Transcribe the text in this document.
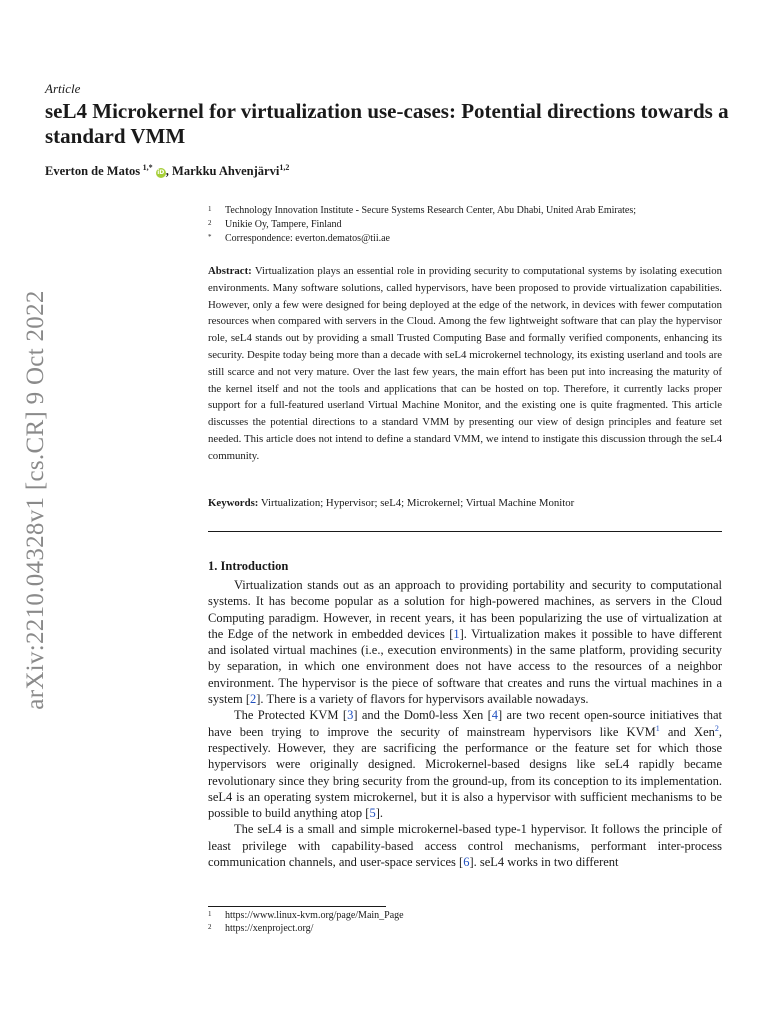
arXiv:2210.04328v1 [cs.CR] 9 Oct 2022
Article
seL4 Microkernel for virtualization use-cases: Potential directions towards a standard VMM
Everton de Matos  $^{1,*}$ iD, Markku Ahvenjärvi$^{1,2}$
1	Technology Innovation Institute - Secure Systems Research Center, Abu Dhabi, United Arab Emirates;
2	Unikie Oy, Tampere, Finland
*	Correspondence: everton.dematos@tii.ae

Abstract: Virtualization plays an essential role in providing security to computational systems by isolating execution environments. Many software solutions, called hypervisors, have been proposed to provide virtualization capabilities. However, only a few were designed for being deployed at the edge of the network, in devices with fewer computation resources when compared with servers in the Cloud. Among the few lightweight software that can play the hypervisor role, seL4 stands out by providing a small Trusted Computing Base and formally verified components, enhancing its security. Despite today being more than a decade with seL4 microkernel technology, its existing userland and tools are still scarce and not very mature. Over the last few years, the main effort has been put into increasing the maturity of the kernel itself and not the tools and applications that can be hosted on top. Therefore, it currently lacks proper support for a full-featured userland Virtual Machine Monitor, and the existing one is quite fragmented. This article discusses the potential directions to a standard VMM by presenting our view of design principles and feature set needed. This article does not intend to define a standard VMM, we intend to instigate this discussion through the seL4 community.

Keywords: Virtualization; Hypervisor; seL4; Microkernel; Virtual Machine Monitor

1. Introduction

Virtualization stands out as an approach to providing portability and security to computational systems. It has become popular as a solution for high-powered machines, as servers in the Cloud Computing paradigm. However, in recent years, it has been popularizing the use of virtualization at the Edge of the network in embedded devices [1]. Virtualization makes it possible to have different and isolated virtual machines (i.e., execution environments) in the same platform, providing security by separation, in which one environment does not have access to the resources of a neighbor environment. The hypervisor is the piece of software that creates and runs the virtual machines in a system [2]. There is a variety of flavors for hypervisors available nowadays.

The Protected KVM [3] and the Dom0-less Xen [4] are two recent open-source initiatives that have been trying to improve the security of mainstream hypervisors like KVM$^1$ and Xen$^2$, respectively. However, they are sacrificing the performance or the feature set for which those hypervisors were originally designed. Microkernel-based designs like seL4 rapidly became revolutionary since they bring security from the ground-up, from its conception to its implementation. seL4 is an operating system microkernel, but it is also a hypervisor with sufficient mechanisms to be possible to build anything atop [5].

The seL4 is a small and simple microkernel-based type-1 hypervisor. It follows the principle of least privilege with capability-based access control mechanisms, performant inter-process communication channels, and user-space services [6]. seL4 works in two different

1	https://www.linux-kvm.org/page/Main_Page
2	https://xenproject.org/
